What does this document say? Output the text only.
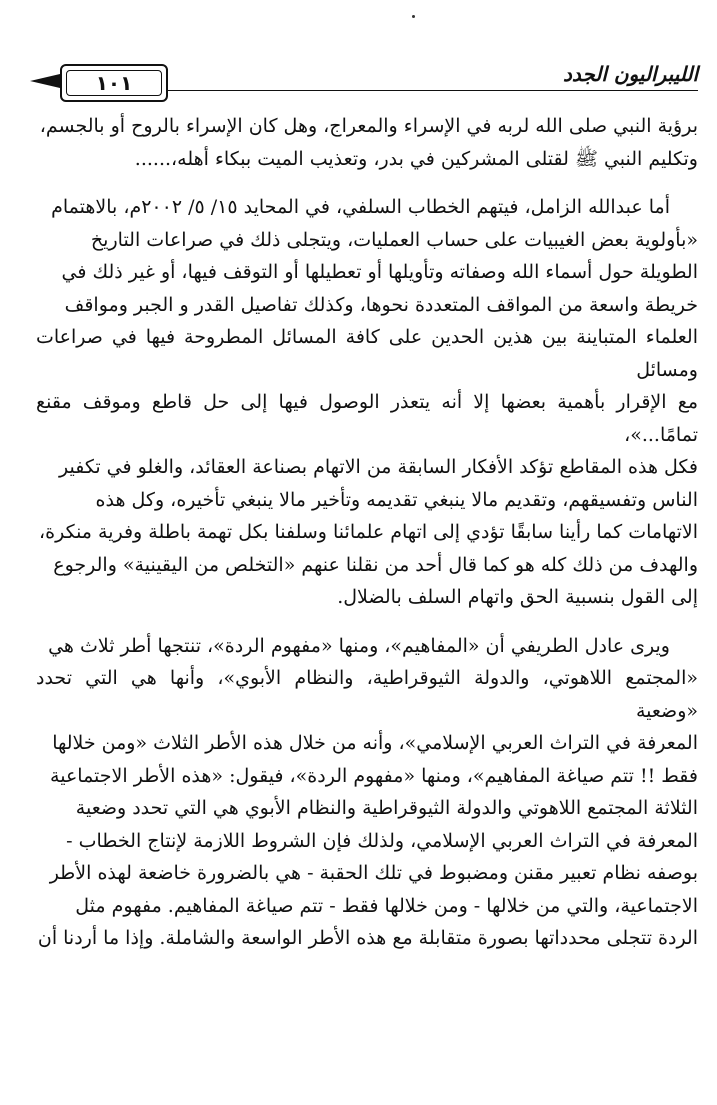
١٠١	الليبراليون الجدد

برؤية النبي صلى الله لربه في الإسراء والمعراج، وهل كان الإسراء بالروح أو بالجسم،

وتكليم النبي ﷺ لقتلى المشركين في بدر، وتعذيب الميت ببكاء أهله،......

أما عبدالله الزامل، فيتهم الخطاب السلفي، في المحايد ١٥/ ٥/ ٢٠٠٢م، بالاهتمام

«بأولوية بعض الغيبيات على حساب العمليات، ويتجلى ذلك في صراعات التاريخ

الطويلة حول أسماء الله وصفاته وتأويلها أو تعطيلها أو التوقف فيها، أو غير ذلك في

خريطة واسعة من المواقف المتعددة نحوها، وكذلك تفاصيل القدر و الجبر ومواقف

العلماء المتباينة بين هذين الحدين على كافة المسائل المطروحة فيها في صراعات ومسائل

مع الإقرار بأهمية بعضها إلا أنه يتعذر الوصول فيها إلى حل قاطع وموقف مقنع تمامًا...»،

فكل هذه المقاطع تؤكد الأفكار السابقة من الاتهام بصناعة العقائد، والغلو في تكفير

الناس وتفسيقهم، وتقديم مالا ينبغي تقديمه وتأخير مالا ينبغي تأخيره، وكل هذه

الاتهامات كما رأينا سابقًا تؤدي إلى اتهام علمائنا وسلفنا بكل تهمة باطلة وفرية منكرة،

والهدف من ذلك كله هو كما قال أحد من نقلنا عنهم «التخلص من اليقينية» والرجوع

إلى القول بنسبية الحق واتهام السلف بالضلال.

ويرى عادل الطريفي أن «المفاهيم»، ومنها «مفهوم الردة»، تنتجها أطر ثلاث هي

«المجتمع اللاهوتي، والدولة الثيوقراطية، والنظام الأبوي»، وأنها هي التي تحدد «وضعية

المعرفة في التراث العربي الإسلامي»، وأنه من خلال هذه الأطر الثلاث «ومن خلالها

فقط !! تتم صياغة المفاهيم»، ومنها «مفهوم الردة»، فيقول: «هذه الأطر الاجتماعية

الثلاثة المجتمع اللاهوتي والدولة الثيوقراطية والنظام الأبوي هي التي تحدد وضعية

المعرفة في التراث العربي الإسلامي، ولذلك فإن الشروط اللازمة لإنتاج الخطاب -

بوصفه نظام تعبير مقنن ومضبوط في تلك الحقبة - هي بالضرورة خاضعة لهذه الأطر

الاجتماعية، والتي من خلالها - ومن خلالها فقط - تتم صياغة المفاهيم. مفهوم مثل

الردة تتجلى محدداتها بصورة متقابلة مع هذه الأطر الواسعة والشاملة. وإذا ما أردنا أن
